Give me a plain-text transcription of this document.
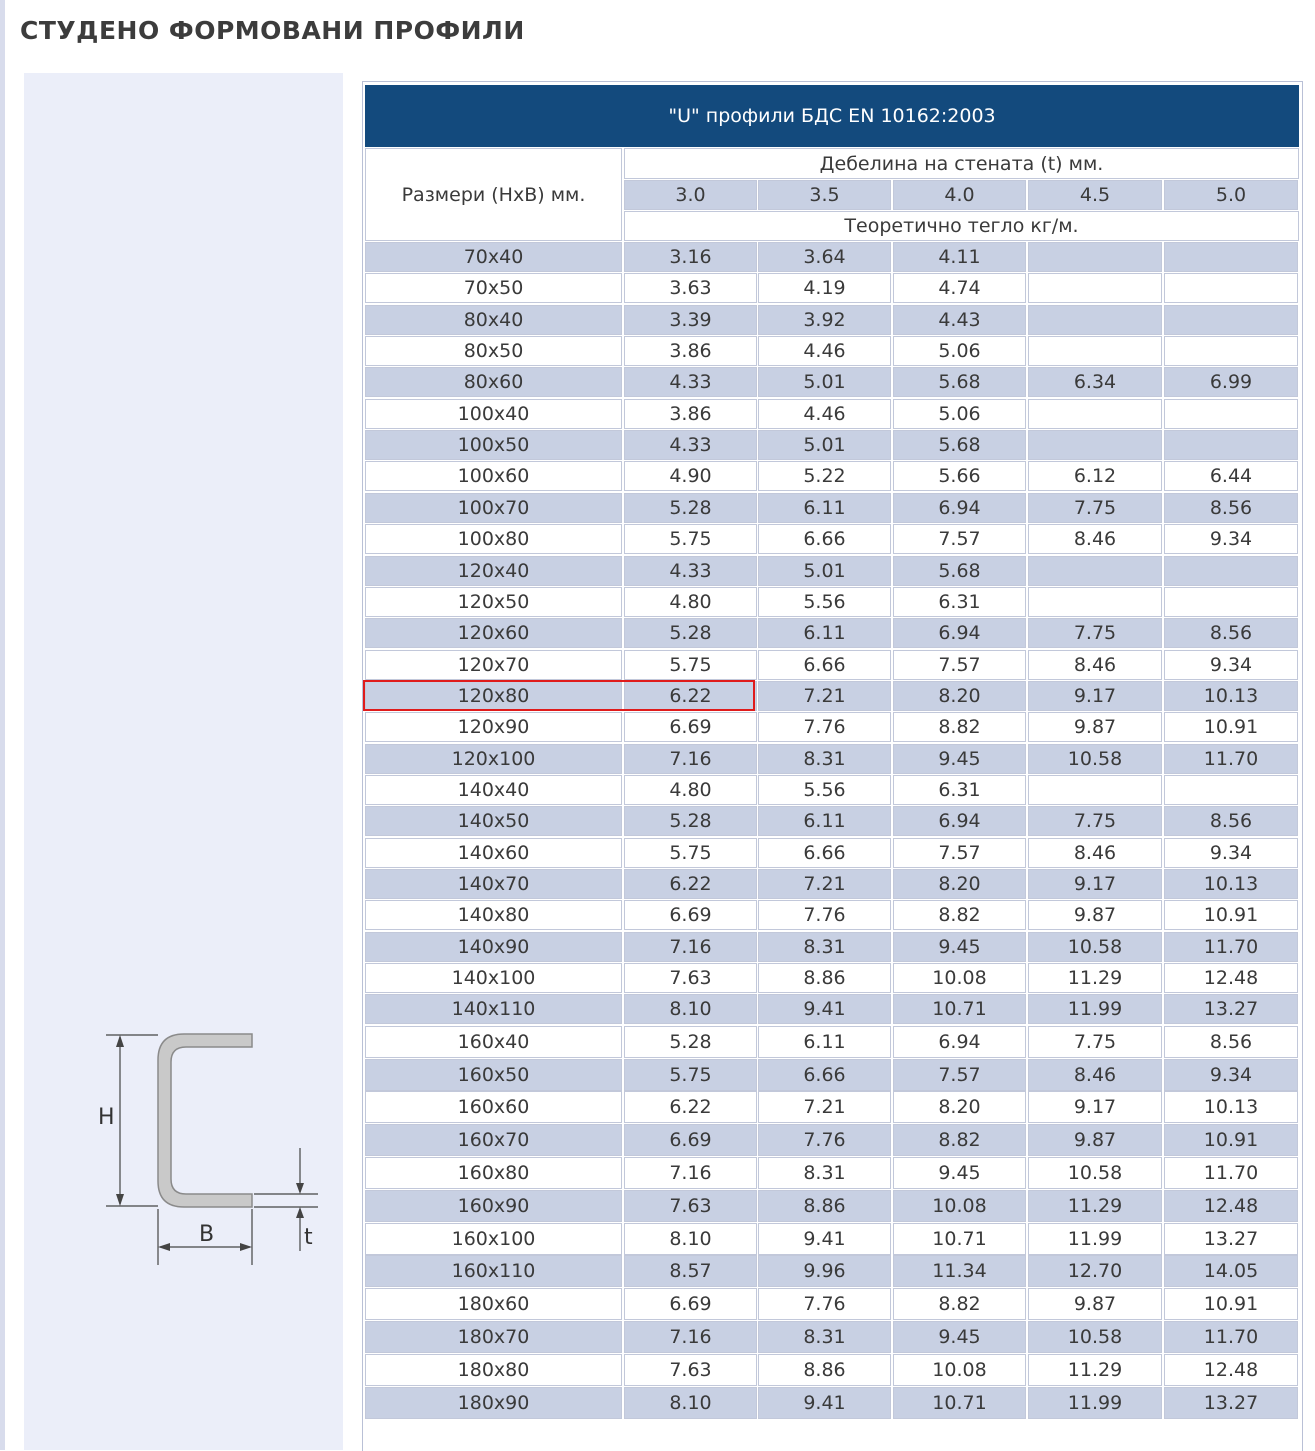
СТУДЕНО ФОРМОВАНИ ПРОФИЛИ
H
B	t
"U" профили БДС EN 10162:2003
Размери (HxB) мм.
Дебелина на стената (t) мм.
3.0	3.5	4.0	4.5	5.0
Теоретично тегло кг/м.
70x40	3.16	3.64	4.11
70x50	3.63	4.19	4.74
80x40	3.39	3.92	4.43
80x50	3.86	4.46	5.06
80x60	4.33	5.01	5.68	6.34	6.99
100x40	3.86	4.46	5.06
100x50	4.33	5.01	5.68
100x60	4.90	5.22	5.66	6.12	6.44
100x70	5.28	6.11	6.94	7.75	8.56
100x80	5.75	6.66	7.57	8.46	9.34
120x40	4.33	5.01	5.68
120x50	4.80	5.56	6.31
120x60	5.28	6.11	6.94	7.75	8.56
120x70	5.75	6.66	7.57	8.46	9.34
120x80	6.22	7.21	8.20	9.17	10.13
120x90	6.69	7.76	8.82	9.87	10.91
120x100	7.16	8.31	9.45	10.58	11.70
140x40	4.80	5.56	6.31
140x50	5.28	6.11	6.94	7.75	8.56
140x60	5.75	6.66	7.57	8.46	9.34
140x70	6.22	7.21	8.20	9.17	10.13
140x80	6.69	7.76	8.82	9.87	10.91
140x90	7.16	8.31	9.45	10.58	11.70
140x100	7.63	8.86	10.08	11.29	12.48
140x110	8.10	9.41	10.71	11.99	13.27
160x40	5.28	6.11	6.94	7.75	8.56
160x50	5.75	6.66	7.57	8.46	9.34
160x60	6.22	7.21	8.20	9.17	10.13
160x70	6.69	7.76	8.82	9.87	10.91
160x80	7.16	8.31	9.45	10.58	11.70
160x90	7.63	8.86	10.08	11.29	12.48
160x100	8.10	9.41	10.71	11.99	13.27
160x110	8.57	9.96	11.34	12.70	14.05
180x60	6.69	7.76	8.82	9.87	10.91
180x70	7.16	8.31	9.45	10.58	11.70
180x80	7.63	8.86	10.08	11.29	12.48
180x90	8.10	9.41	10.71	11.99	13.27
